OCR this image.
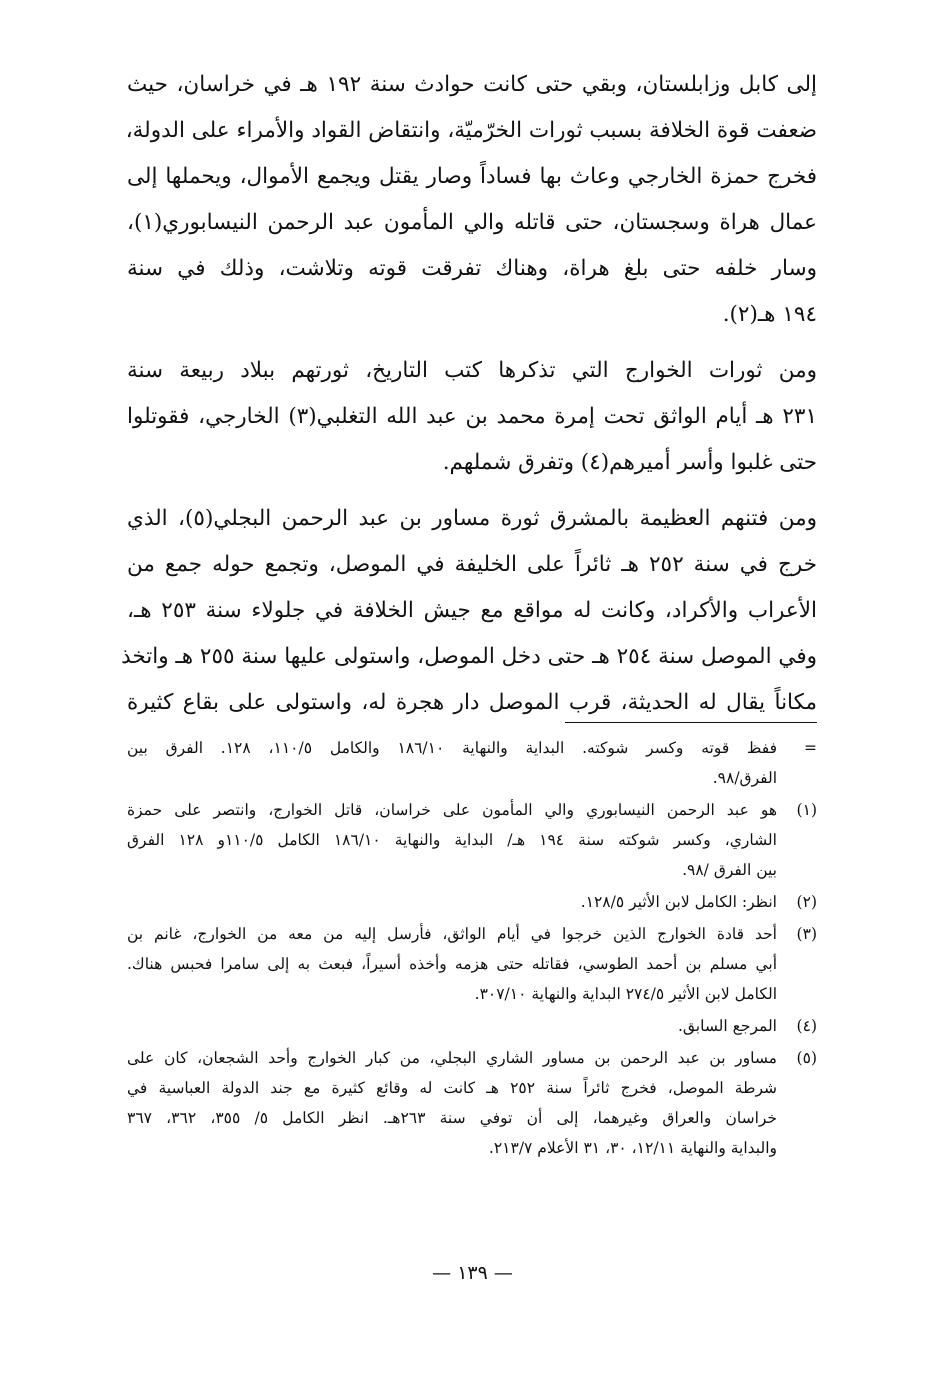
إلى كابل وزابلستان، وبقي حتى كانت حوادث سنة ١٩٢ هـ في خراسان، حيث
ضعفت قوة الخلافة بسبب ثورات الخرّميّة، وانتقاض القواد والأمراء على الدولة،
فخرج حمزة الخارجي وعاث بها فساداً وصار يقتل ويجمع الأموال، ويحملها إلى
عمال هراة وسجستان، حتى قاتله والي المأمون عبد الرحمن النيسابوري(١)،
وسار خلفه حتى بلغ هراة، وهناك تفرقت قوته وتلاشت، وذلك في سنة
١٩٤ هـ(٢).

ومن ثورات الخوارج التي تذكرها كتب التاريخ، ثورتهم ببلاد ربيعة سنة
٢٣١ هـ أيام الواثق تحت إمرة محمد بن عبد الله التغلبي(٣) الخارجي، فقوتلوا
حتى غلبوا وأسر أميرهم(٤) وتفرق شملهم.

ومن فتنهم العظيمة بالمشرق ثورة مساور بن عبد الرحمن البجلي(٥)، الذي
خرج في سنة ٢٥٢ هـ ثائراً على الخليفة في الموصل، وتجمع حوله جمع من
الأعراب والأكراد، وكانت له مواقع مع جيش الخلافة في جلولاء سنة ٢٥٣ هـ،
وفي الموصل سنة ٢٥٤ هـ حتى دخل الموصل، واستولى عليها سنة ٢٥٥ هـ واتخذ
مكاناً يقال له الحديثة، قرب الموصل دار هجرة له، واستولى على بقاع كثيرة

=
ففظ قوته وكسر شوكته. البداية والنهاية ١٨٦/١٠ والكامل ١١٠/٥، ١٢٨. الفرق بين
الفرق/٩٨.
(١)
هو عبد الرحمن النيسابوري والي المأمون على خراسان، قاتل الخوارج، وانتصر على حمزة
الشاري، وكسر شوكته سنة ١٩٤ هـ/ البداية والنهاية ١٨٦/١٠ الكامل ١١٠/٥و ١٢٨ الفرق
بين الفرق /٩٨.
(٢)
انظر: الكامل لابن الأثير ١٢٨/٥.
(٣)
أحد قادة الخوارج الذين خرجوا في أيام الواثق، فأرسل إليه من معه من الخوارج، غانم بن
أبي مسلم بن أحمد الطوسي، فقاتله حتى هزمه وأخذه أسيراً، فبعث به إلى سامرا فحبس هناك.
الكامل لابن الأثير ٢٧٤/٥ البداية والنهاية ٣٠٧/١٠.
(٤)
المرجع السابق.
(٥)
مساور بن عبد الرحمن بن مساور الشاري البجلي، من كبار الخوارج وأحد الشجعان، كان على
شرطة الموصل، فخرج ثائراً سنة ٢٥٢ هـ كانت له وقائع كثيرة مع جند الدولة العباسية في
خراسان والعراق وغيرهما، إلى أن توفي سنة ٢٦٣هـ. انظر الكامل ٥/ ٣٥٥، ٣٦٢، ٣٦٧
والبداية والنهاية ١٢/١١، ٣٠، ٣١ الأعلام ٢١٣/٧.
— ١٣٩ —
